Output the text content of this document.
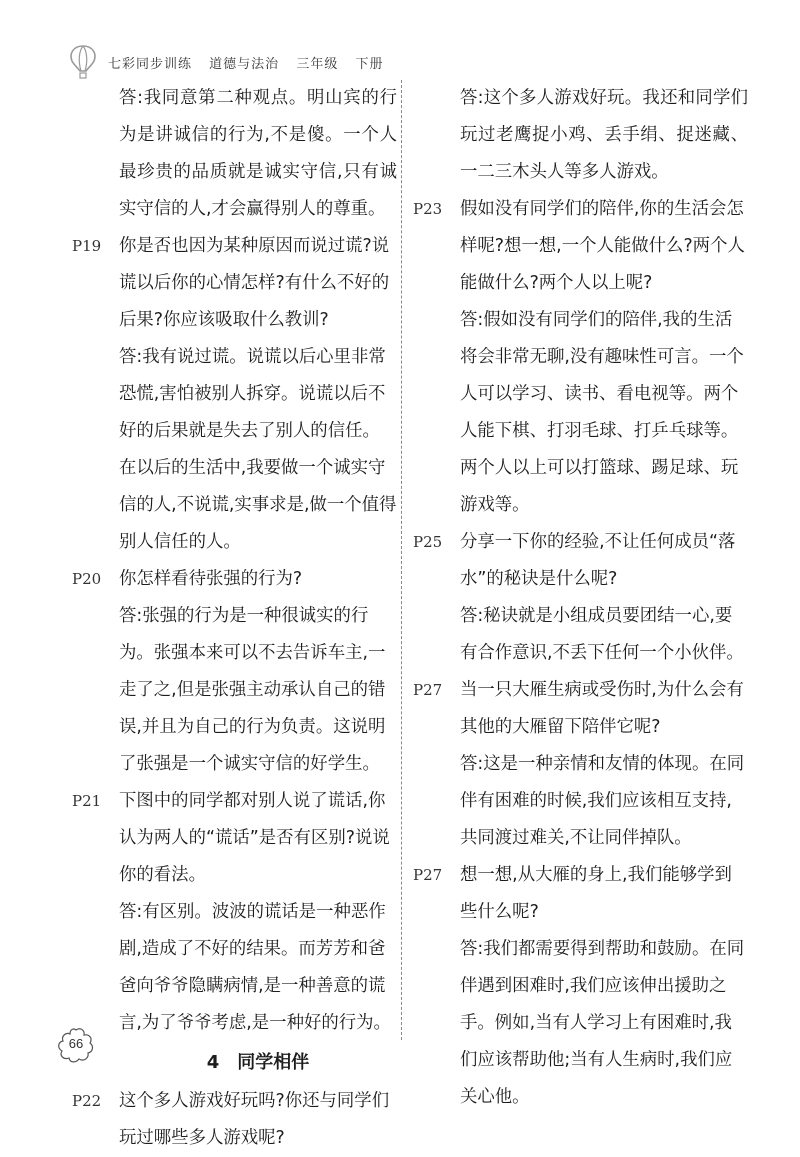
七彩同步训练 道德与法治 三年级 下册
答:我同意第二种观点。明山宾的行为是讲诚信的行为,不是傻。一个人最珍贵的品质就是诚实守信,只有诚实守信的人,才会赢得别人的尊重。
P19	你是否也因为某种原因而说过谎?说谎以后你的心情怎样?有什么不好的后果?你应该吸取什么教训?
答:我有说过谎。说谎以后心里非常恐慌,害怕被别人拆穿。说谎以后不好的后果就是失去了别人的信任。在以后的生活中,我要做一个诚实守信的人,不说谎,实事求是,做一个值得别人信任的人。
P20	你怎样看待张强的行为?
答:张强的行为是一种很诚实的行为。张强本来可以不去告诉车主,一走了之,但是张强主动承认自己的错误,并且为自己的行为负责。这说明了张强是一个诚实守信的好学生。
P21	下图中的同学都对别人说了谎话,你认为两人的“谎话”是否有区别?说说你的看法。
答:有区别。波波的谎话是一种恶作剧,造成了不好的结果。而芳芳和爸爸向爷爷隐瞒病情,是一种善意的谎言,为了爷爷考虑,是一种好的行为。
4 同学相伴
P22	这个多人游戏好玩吗?你还与同学们玩过哪些多人游戏呢?
答:这个多人游戏好玩。我还和同学们玩过老鹰捉小鸡、丢手绢、捉迷藏、一二三木头人等多人游戏。
P23	假如没有同学们的陪伴,你的生活会怎样呢?想一想,一个人能做什么?两个人能做什么?两个人以上呢?
答:假如没有同学们的陪伴,我的生活将会非常无聊,没有趣味性可言。一个人可以学习、读书、看电视等。两个人能下棋、打羽毛球、打乒乓球等。两个人以上可以打篮球、踢足球、玩游戏等。
P25	分享一下你的经验,不让任何成员“落水”的秘诀是什么呢?
答:秘诀就是小组成员要团结一心,要有合作意识,不丢下任何一个小伙伴。
P27	当一只大雁生病或受伤时,为什么会有其他的大雁留下陪伴它呢?
答:这是一种亲情和友情的体现。在同伴有困难的时候,我们应该相互支持,共同渡过难关,不让同伴掉队。
P27	想一想,从大雁的身上,我们能够学到些什么呢?
答:我们都需要得到帮助和鼓励。在同伴遇到困难时,我们应该伸出援助之手。例如,当有人学习上有困难时,我们应该帮助他;当有人生病时,我们应关心他。
66
